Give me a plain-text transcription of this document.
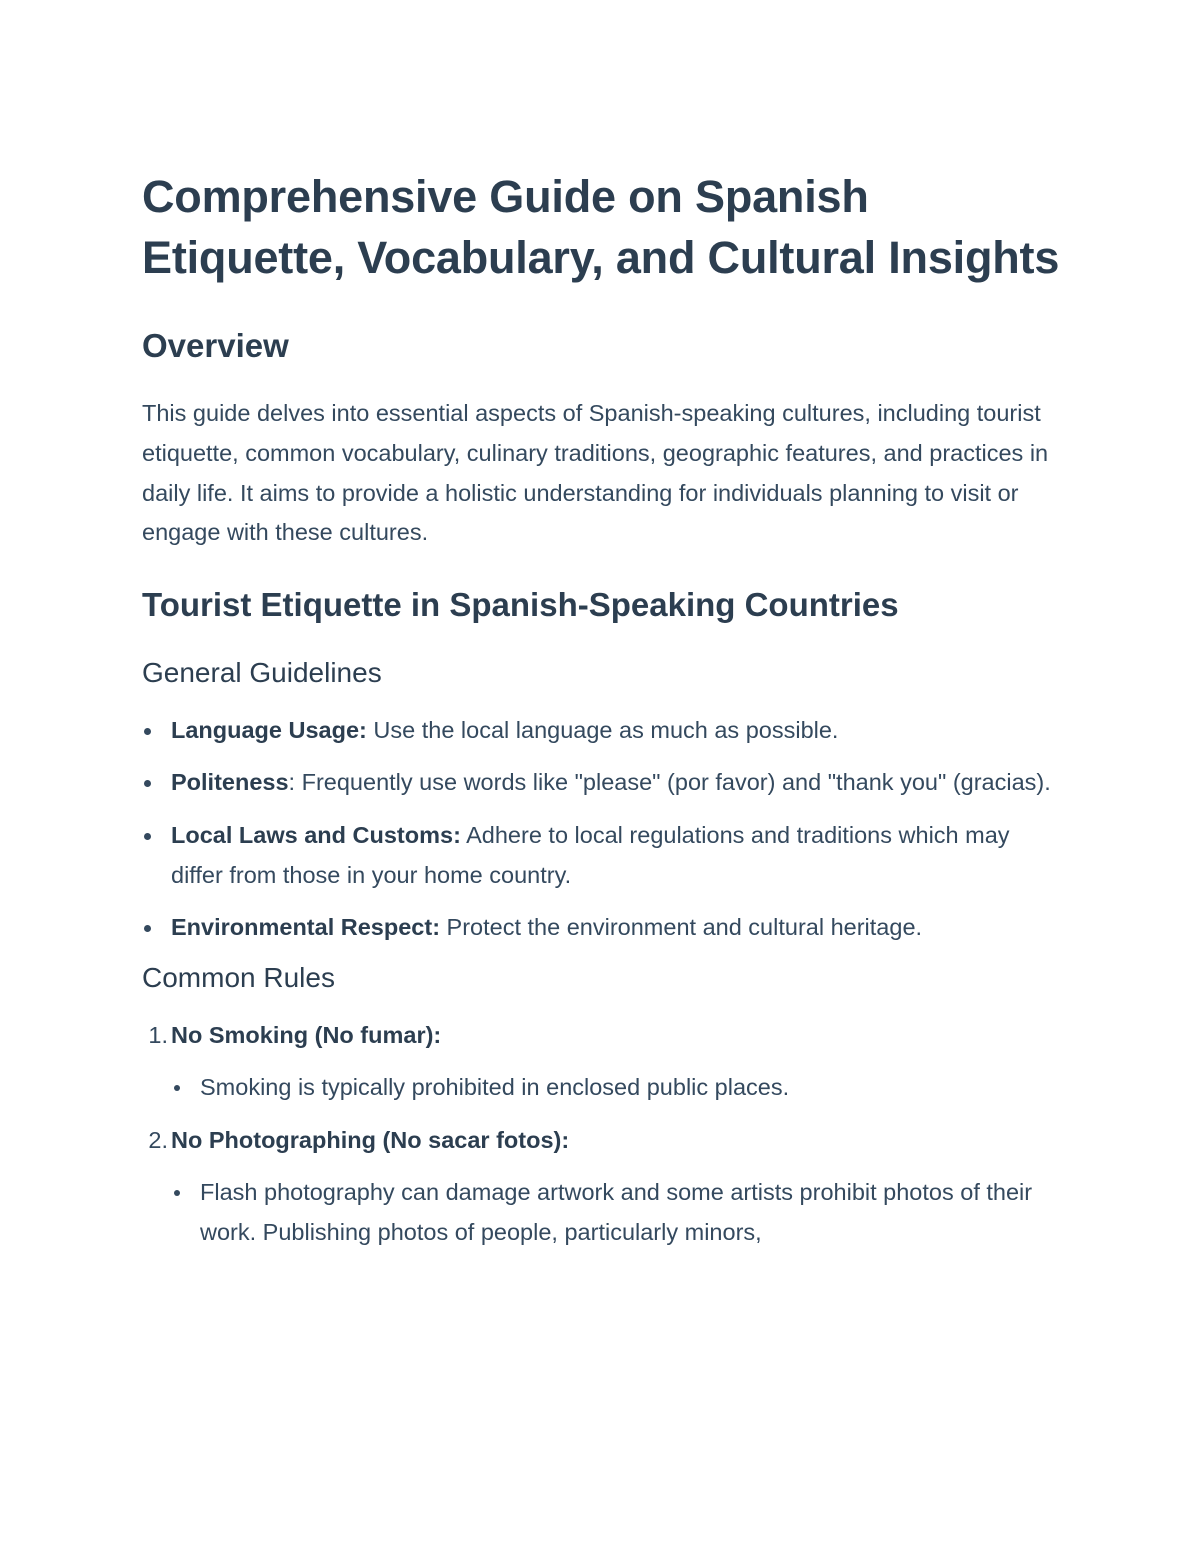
Comprehensive Guide on Spanish Etiquette, Vocabulary, and Cultural Insights
Overview

This guide delves into essential aspects of Spanish-speaking cultures, including tourist etiquette, common vocabulary, culinary traditions, geographic features, and practices in daily life. It aims to provide a holistic understanding for individuals planning to visit or engage with these cultures.

Tourist Etiquette in Spanish-Speaking Countries
General Guidelines
Language Usage: Use the local language as much as possible.
Politeness: Frequently use words like "please" (por favor) and "thank you" (gracias).
Local Laws and Customs: Adhere to local regulations and traditions which may differ from those in your home country.
Environmental Respect: Protect the environment and cultural heritage.
Common Rules
1. No Smoking (No fumar):
Smoking is typically prohibited in enclosed public places.
2. No Photographing (No sacar fotos):
Flash photography can damage artwork and some artists prohibit photos of their work. Publishing photos of people, particularly minors,
